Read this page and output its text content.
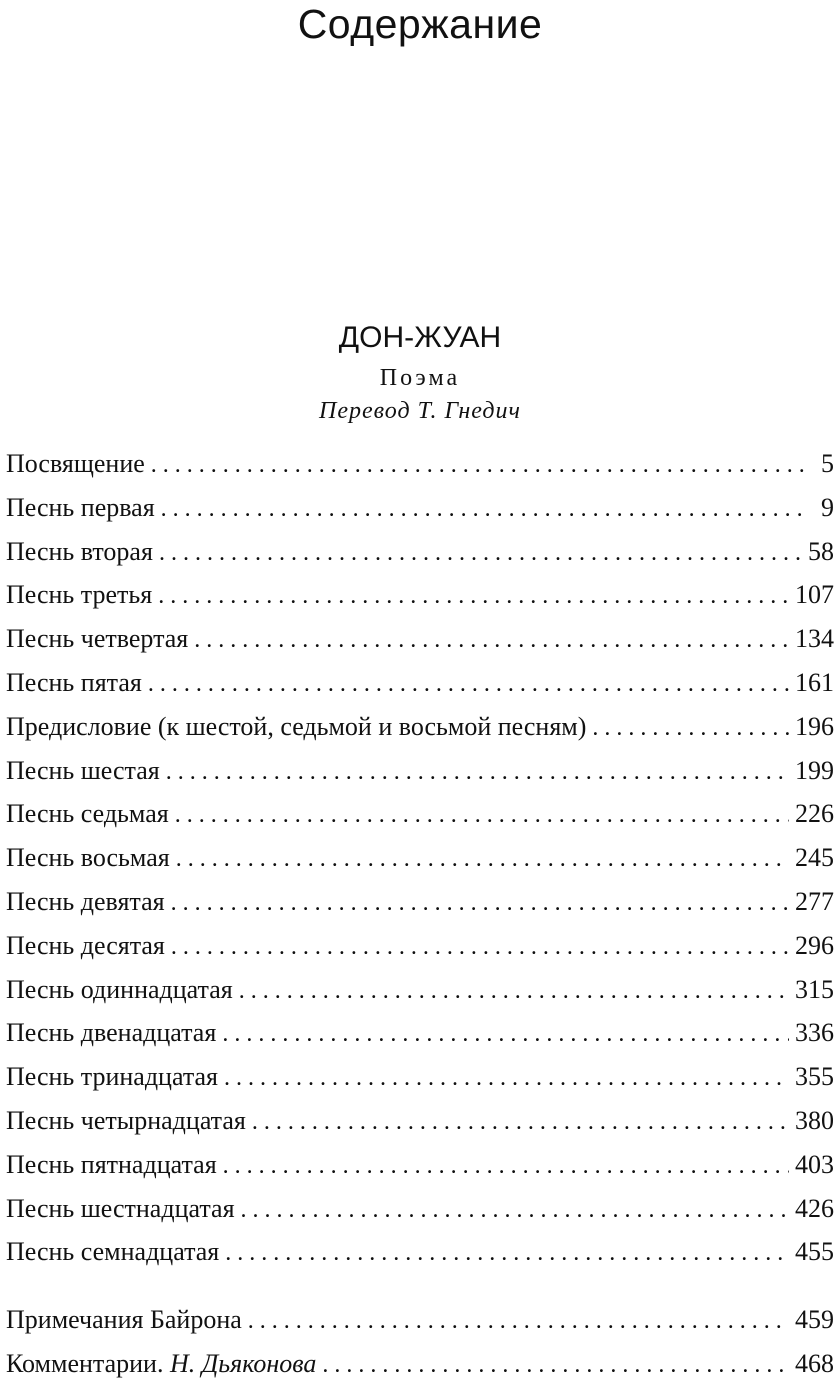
Содержание
ДОН-ЖУАН
Поэма
Перевод Т. Гнедич
Посвящение . . .	5
Песнь первая . . .	9
Песнь вторая . . .	58
Песнь третья . . .	107
Песнь четвертая . . .	134
Песнь пятая . . .	161
Предисловие (к шестой, седьмой и восьмой песням) . . .	196
Песнь шестая . . .	199
Песнь седьмая . . .	226
Песнь восьмая . . .	245
Песнь девятая . . .	277
Песнь десятая . . .	296
Песнь одиннадцатая . . .	315
Песнь двенадцатая . . .	336
Песнь тринадцатая . . .	355
Песнь четырнадцатая . . .	380
Песнь пятнадцатая . . .	403
Песнь шестнадцатая . . .	426
Песнь семнадцатая . . .	455
Примечания Байрона . . .	459
Комментарии. Н. Дьяконова . . .	468
